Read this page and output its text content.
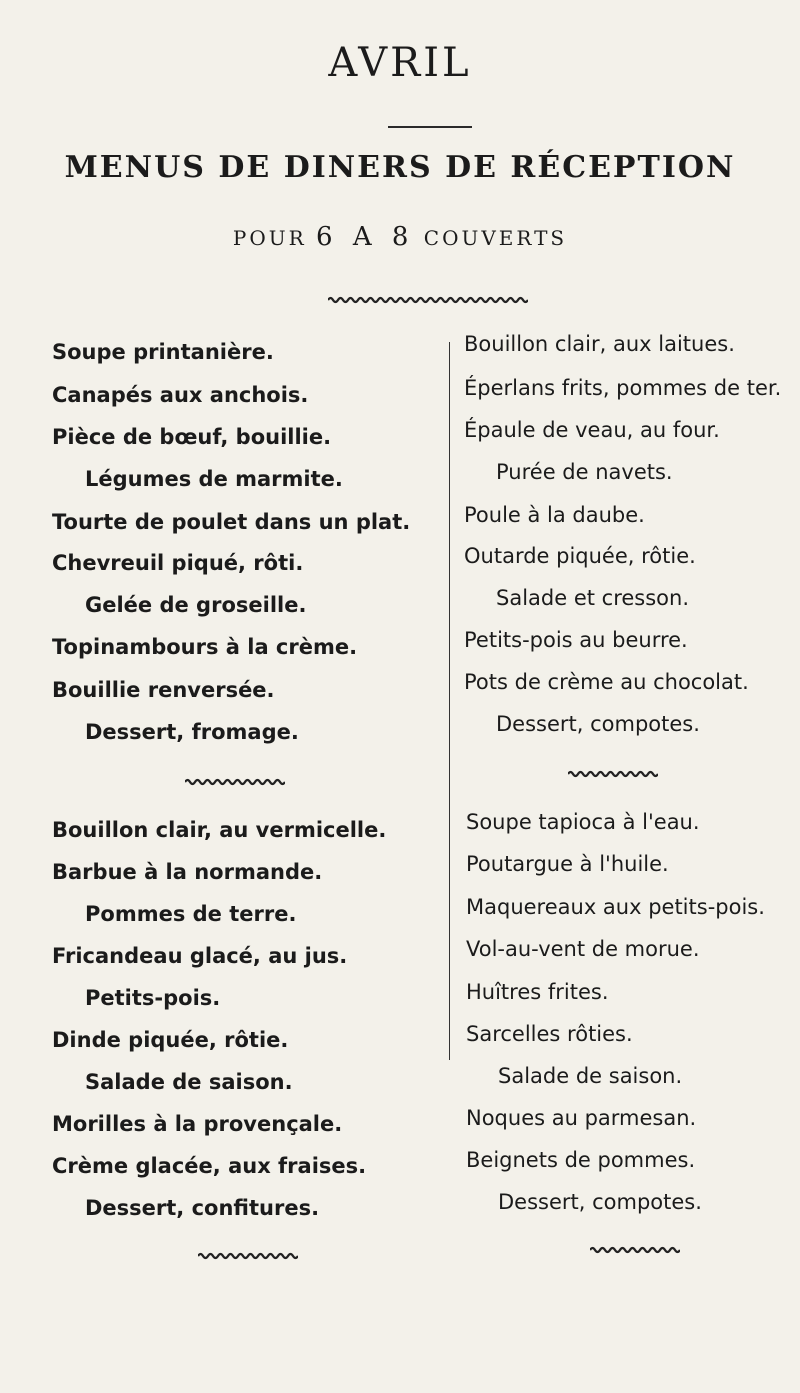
AVRIL
MENUS DE DINERS DE RÉCEPTION
POUR 6 A 8 COUVERTS
Soupe printanière.
Canapés aux anchois.
Pièce de bœuf, bouillie.
Légumes de marmite.
Tourte de poulet dans un plat.
Chevreuil piqué, rôti.
Gelée de groseille.
Topinambours à la crème.
Bouillie renversée.
Dessert, fromage.
Bouillon clair, aux laitues.
Éperlans frits, pommes de ter.
Épaule de veau, au four.
Purée de navets.
Poule à la daube.
Outarde piquée, rôtie.
Salade et cresson.
Petits-pois au beurre.
Pots de crème au chocolat.
Dessert, compotes.
Bouillon clair, au vermicelle.
Barbue à la normande.
Pommes de terre.
Fricandeau glacé, au jus.
Petits-pois.
Dinde piquée, rôtie.
Salade de saison.
Morilles à la provençale.
Crème glacée, aux fraises.
Dessert, confitures.
Soupe tapioca à l'eau.
Poutargue à l'huile.
Maquereaux aux petits-pois.
Vol-au-vent de morue.
Huîtres frites.
Sarcelles rôties.
Salade de saison.
Noques au parmesan.
Beignets de pommes.
Dessert, compotes.
